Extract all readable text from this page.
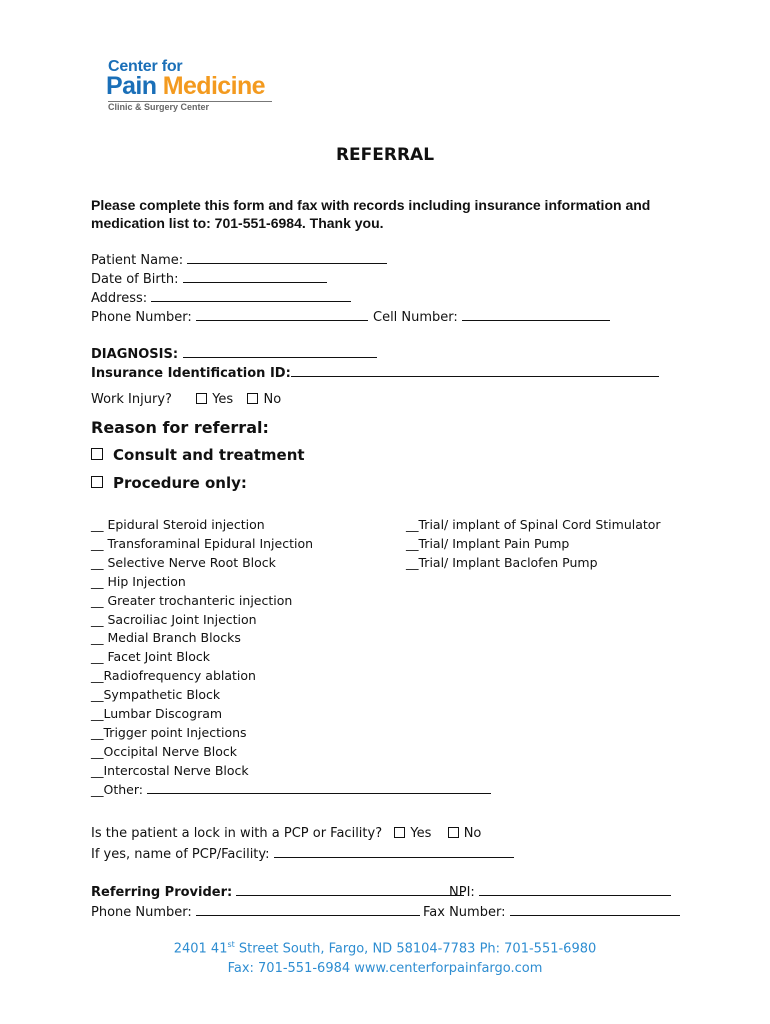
Center for
Pain Medicine
Clinic & Surgery Center
REFERRAL
Please complete this form and fax with records including insurance information and medication list to: 701-551-6984. Thank you.
Patient Name:
Date of Birth:
Address:
Phone Number:	Cell Number:
DIAGNOSIS:
Insurance Identification ID:
Work Injury?	Yes No
Reason for referral:
Consult and treatment
Procedure only:
__ Epidural Steroid injection
__ Transforaminal Epidural Injection
__ Selective Nerve Root Block
__ Hip Injection
__ Greater trochanteric injection
__ Sacroiliac Joint Injection
__ Medial Branch Blocks
__ Facet Joint Block
__Radiofrequency ablation
__Sympathetic Block
__Lumbar Discogram
__Trigger point Injections
__Occipital Nerve Block
__Intercostal Nerve Block
__Other:
__Trial/ implant of Spinal Cord Stimulator
__Trial/ Implant Pain Pump
__Trial/ Implant Baclofen Pump
Is the patient a lock in with a PCP or Facility? Yes No
If yes, name of PCP/Facility:
Referring Provider:	NPI:
Phone Number:	Fax Number:
2401 41st Street South, Fargo, ND 58104-7783 Ph: 701-551-6980
Fax: 701-551-6984 www.centerforpainfargo.com
